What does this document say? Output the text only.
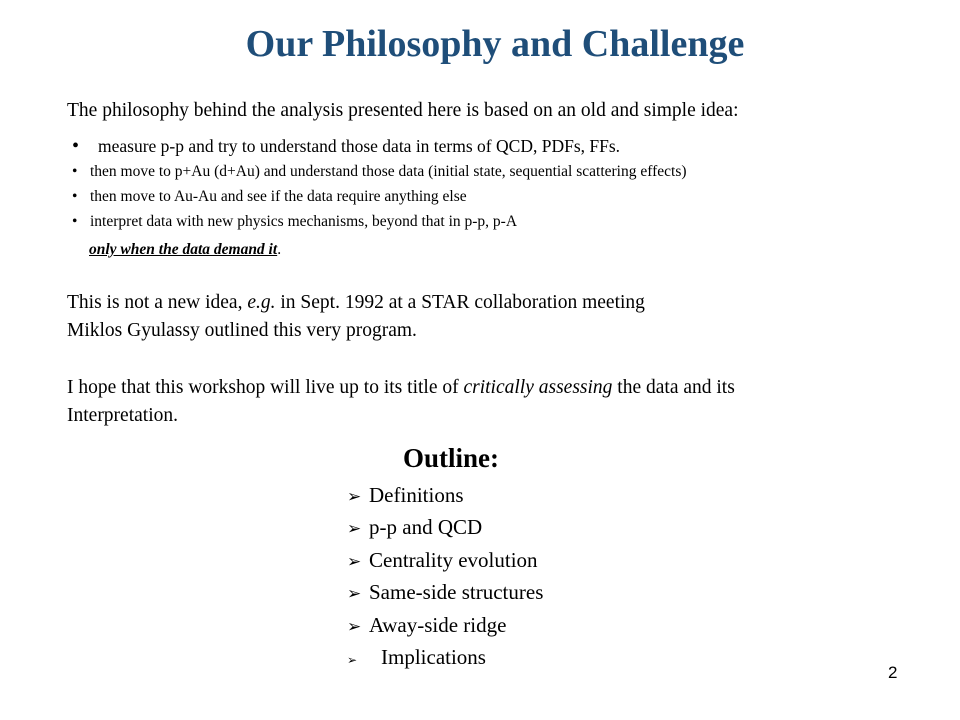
Our Philosophy and Challenge
The philosophy behind the analysis presented here is based on an old and simple idea:
• measure p-p and try to understand those data in terms of QCD, PDFs, FFs.
• then move to p+Au (d+Au) and understand those data (initial state, sequential scattering effects)
• then move to Au-Au and see if the data require anything else
• interpret data with new physics mechanisms, beyond that in p-p, p-A
only when the data demand it.
This is not a new idea, e.g. in Sept. 1992 at a STAR collaboration meeting
Miklos Gyulassy outlined this very program.
I hope that this workshop will live up to its title of critically assessing the data and its
Interpretation.
Outline:
➢ Definitions
➢ p-p and QCD
➢ Centrality evolution
➢ Same-side structures
➢ Away-side ridge
➢ Implications
2
